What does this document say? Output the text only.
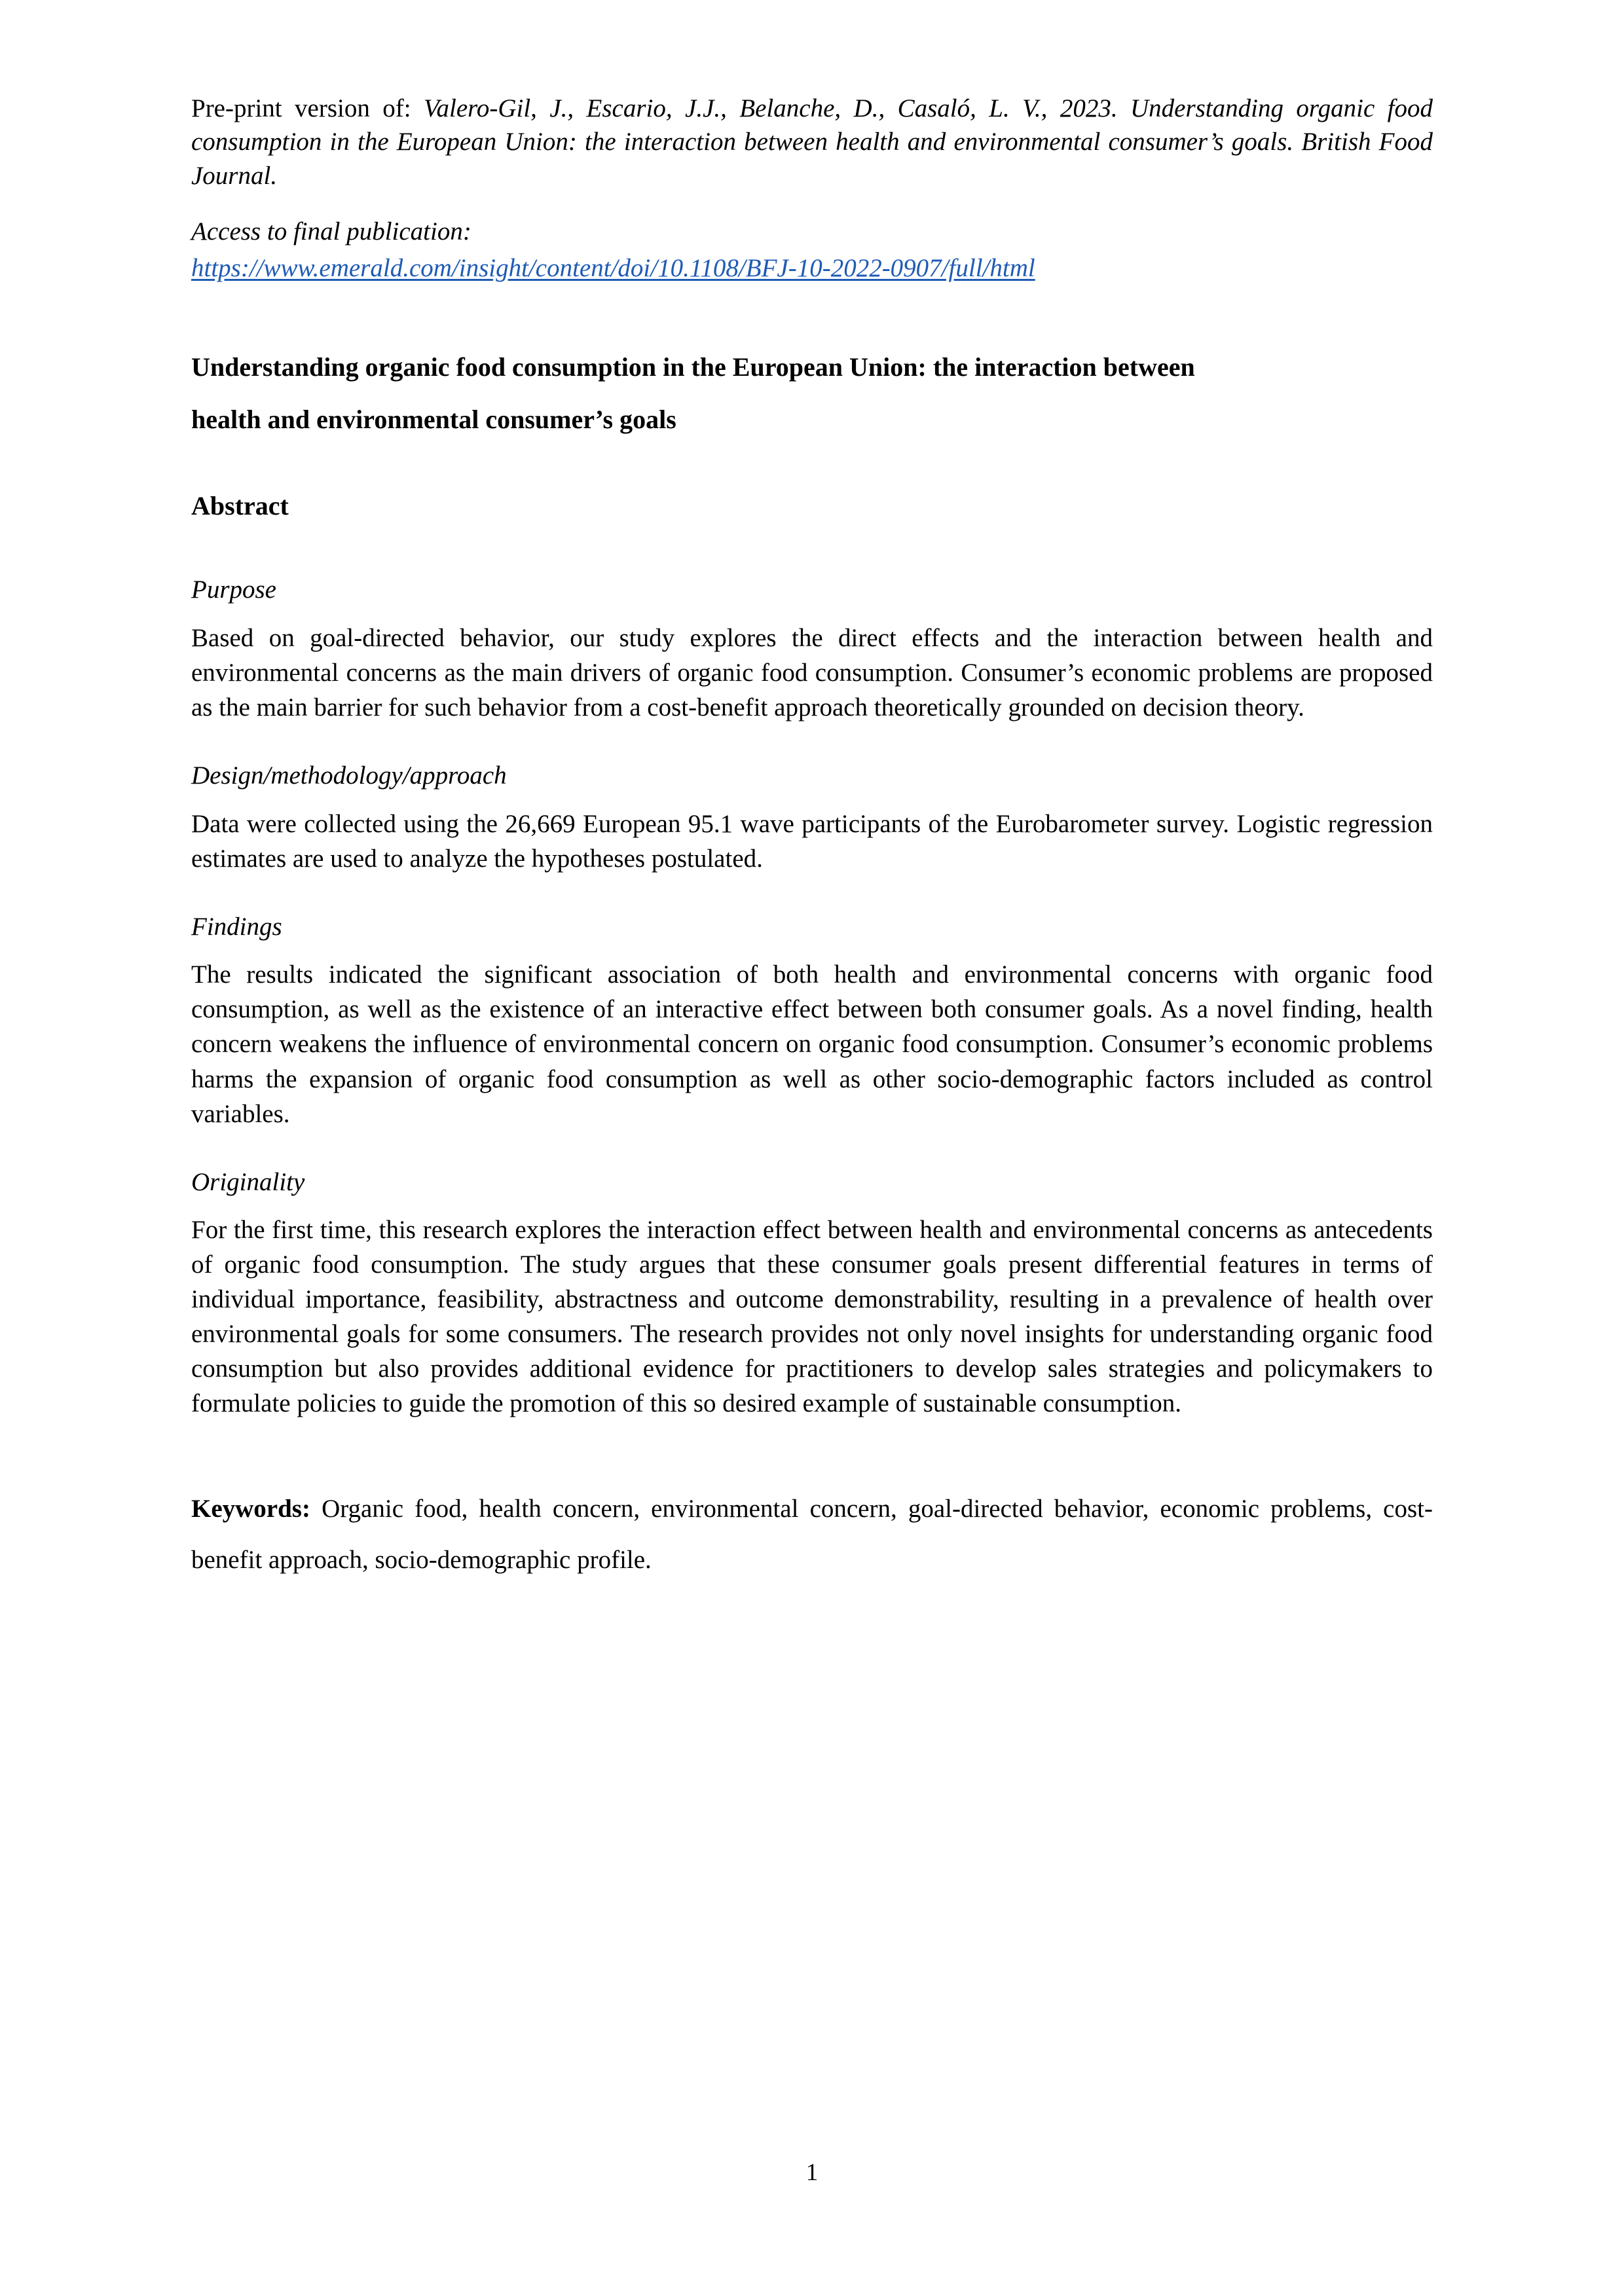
Pre-print version of: Valero-Gil, J., Escario, J.J., Belanche, D., Casaló, L. V., 2023. Understanding organic food consumption in the European Union: the interaction between health and environmental consumer’s goals. British Food Journal.
Access to final publication:
https://www.emerald.com/insight/content/doi/10.1108/BFJ-10-2022-0907/full/html
Understanding organic food consumption in the European Union: the interaction between
health and environmental consumer’s goals
Abstract
Purpose
Based on goal-directed behavior, our study explores the direct effects and the interaction between health and environmental concerns as the main drivers of organic food consumption. Consumer’s economic problems are proposed as the main barrier for such behavior from a cost-benefit approach theoretically grounded on decision theory.
Design/methodology/approach
Data were collected using the 26,669 European 95.1 wave participants of the Eurobarometer survey. Logistic regression estimates are used to analyze the hypotheses postulated.
Findings
The results indicated the significant association of both health and environmental concerns with organic food consumption, as well as the existence of an interactive effect between both consumer goals. As a novel finding, health concern weakens the influence of environmental concern on organic food consumption. Consumer’s economic problems harms the expansion of organic food consumption as well as other socio-demographic factors included as control variables.
Originality
For the first time, this research explores the interaction effect between health and environmental concerns as antecedents of organic food consumption. The study argues that these consumer goals present differential features in terms of individual importance, feasibility, abstractness and outcome demonstrability, resulting in a prevalence of health over environmental goals for some consumers. The research provides not only novel insights for understanding organic food consumption but also provides additional evidence for practitioners to develop sales strategies and policymakers to formulate policies to guide the promotion of this so desired example of sustainable consumption.
Keywords: Organic food, health concern, environmental concern, goal-directed behavior, economic problems, cost-benefit approach, socio-demographic profile.
1
